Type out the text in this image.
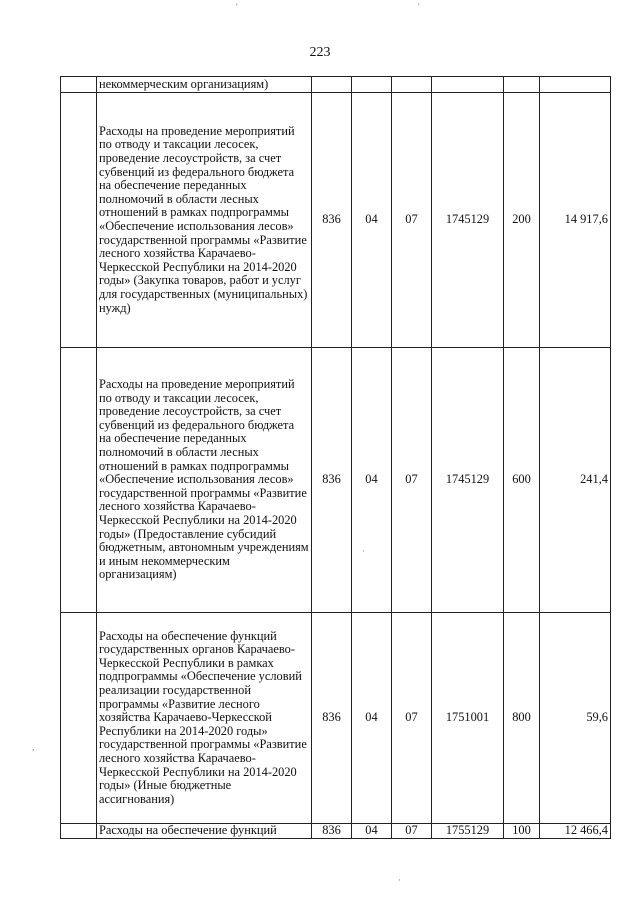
223
	некоммерческим организациям)						
	Расходы на проведение мероприятий по отводу и таксации лесосек, проведение лесоустройств, за счет субвенций из федерального бюджета на обеспечение переданных полномочий в области лесных отношений в рамках подпрограммы «Обеспечение использования лесов» государственной программы «Развитие лесного хозяйства Карачаево-Черкесской Республики на 2014-2020 годы» (Закупка товаров, работ и услуг для государственных (муниципальных) нужд)	836	04	07	1745129	200	14 917,6
	Расходы на проведение мероприятий по отводу и таксации лесосек, проведение лесоустройств, за счет субвенций из федерального бюджета на обеспечение переданных полномочий в области лесных отношений в рамках подпрограммы «Обеспечение использования лесов» государственной программы «Развитие лесного хозяйства Карачаево-Черкесской Республики на 2014-2020 годы» (Предоставление субсидий бюджетным, автономным учреждениям и иным некоммерческим организациям)	836	04	07	1745129	600	241,4
	Расходы на обеспечение функций государственных органов Карачаево-Черкесской Республики в рамках подпрограммы «Обеспечение условий реализации государственной программы «Развитие лесного хозяйства Карачаево-Черкесской Республики на 2014-2020 годы» государственной программы «Развитие лесного хозяйства Карачаево-Черкесской Республики на 2014-2020 годы» (Иные бюджетные ассигнования)	836	04	07	1751001	800	59,6
	Расходы на обеспечение функций	836	04	07	1755129	100	12 466,4
'	'
,
·
·
